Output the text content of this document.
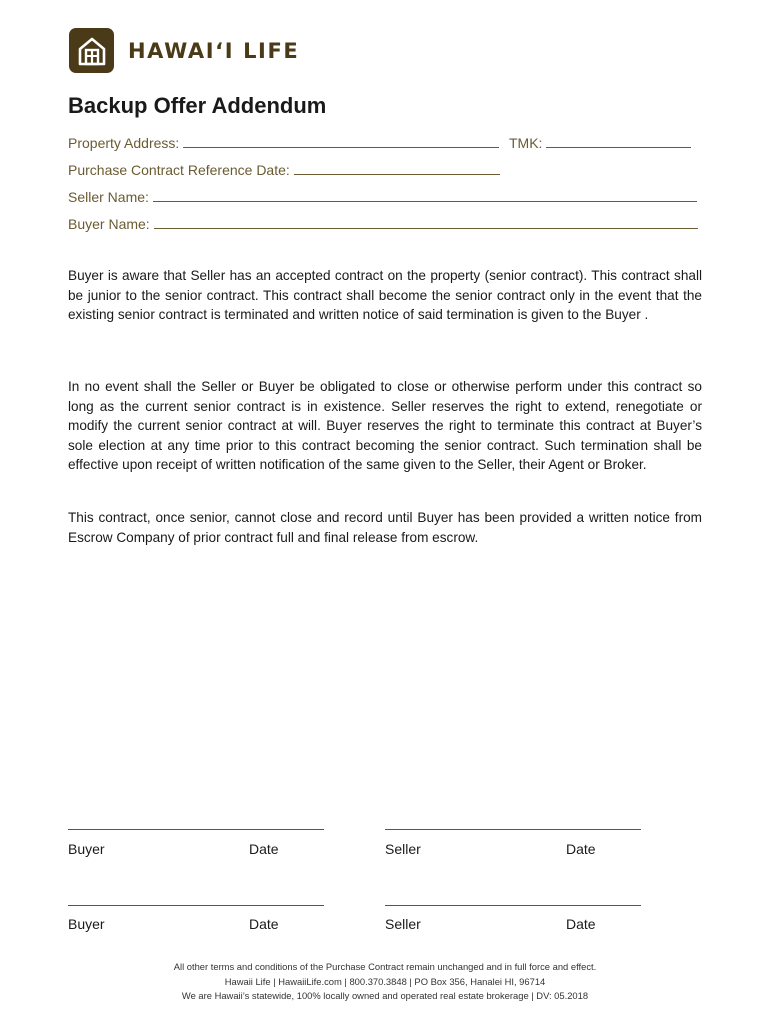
HAWAIʻI LIFE
Backup Offer Addendum
Property Address:	TMK:
Purchase Contract Reference Date:
Seller Name:
Buyer Name:

Buyer is aware that Seller has an accepted contract on the property (senior contract). This contract shall be junior to the senior contract. This contract shall become the senior contract only in the event that the existing senior contract is terminated and written notice of said termination is given to the Buyer .

In no event shall the Seller or Buyer be obligated to close or otherwise perform under this contract so long as the current senior contract is in existence. Seller reserves the right to extend, renegotiate or modify the current senior contract at will. Buyer reserves the right to terminate this contract at Buyer’s sole election at any time prior to this contract becoming the senior contract. Such termination shall be effective upon receipt of written notification of the same given to the Seller, their Agent or Broker.

This contract, once senior, cannot close and record until Buyer has been provided a written notice from Escrow Company of prior contract full and final release from escrow.

Buyer	Date	Seller	Date
Buyer	Date	Seller	Date
All other terms and conditions of the Purchase Contract remain unchanged and in full force and effect.
Hawaii Life | HawaiiLife.com | 800.370.3848 | PO Box 356, Hanalei HI, 96714
We are Hawaii’s statewide, 100% locally owned and operated real estate brokerage | DV: 05.2018
